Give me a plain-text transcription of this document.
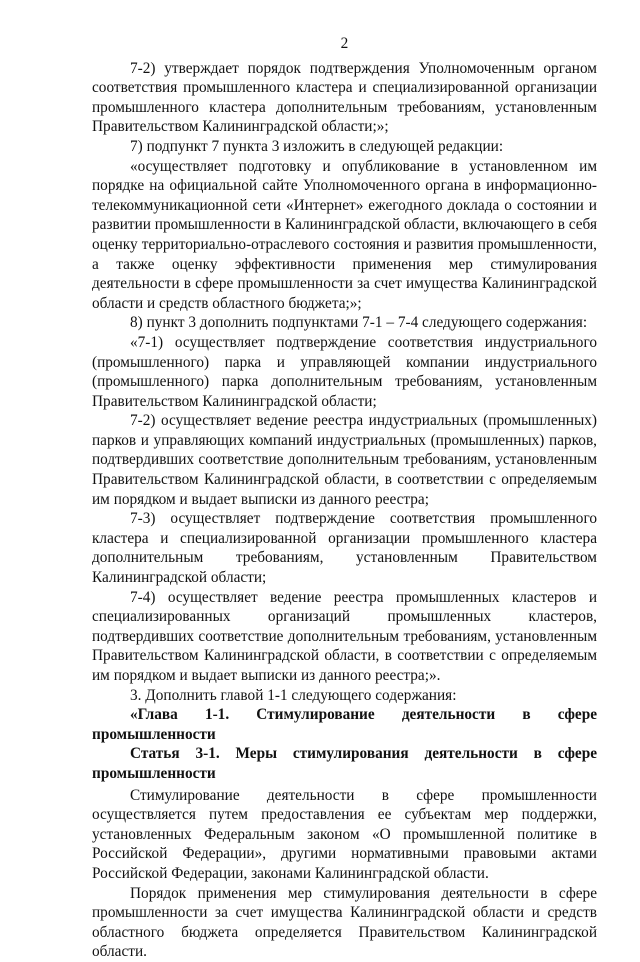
2

7-2) утверждает порядок подтверждения Уполномоченным органом соответствия промышленного кластера и специализированной организации промышленного кластера дополнительным требованиям, установленным Правительством Калининградской области;»;

7) подпункт 7 пункта 3 изложить в следующей редакции:

«осуществляет подготовку и опубликование в установленном им порядке на официальной сайте Уполномоченного органа в информационно-телекоммуникационной сети «Интернет» ежегодного доклада о состоянии и развитии промышленности в Калининградской области, включающего в себя оценку территориально-отраслевого состояния и развития промышленности, а также оценку эффективности применения мер стимулирования деятельности в сфере промышленности за счет имущества Калининградской области и средств областного бюджета;»;

8) пункт 3 дополнить подпунктами 7-1 – 7-4 следующего содержания:

«7-1) осуществляет подтверждение соответствия индустриального (промышленного) парка и управляющей компании индустриального (промышленного) парка дополнительным требованиям, установленным Правительством Калининградской области;

7-2) осуществляет ведение реестра индустриальных (промышленных) парков и управляющих компаний индустриальных (промышленных) парков, подтвердивших соответствие дополнительным требованиям, установленным Правительством Калининградской области, в соответствии с определяемым им порядком и выдает выписки из данного реестра;

7-3) осуществляет подтверждение соответствия промышленного кластера и специализированной организации промышленного кластера дополнительным требованиям, установленным Правительством Калининградской области;

7-4) осуществляет ведение реестра промышленных кластеров и специализированных организаций промышленных кластеров, подтвердивших соответствие дополнительным требованиям, установленным Правительством Калининградской области, в соответствии с определяемым им порядком и выдает выписки из данного реестра;».

3. Дополнить главой 1-1 следующего содержания:

«Глава 1-1. Стимулирование деятельности в сфере промышленности

Статья 3-1. Меры стимулирования деятельности в сфере промышленности

Стимулирование деятельности в сфере промышленности осуществляется путем предоставления ее субъектам мер поддержки, установленных Федеральным законом «О промышленной политике в Российской Федерации», другими нормативными правовыми актами Российской Федерации, законами Калининградской области.

Порядок применения мер стимулирования деятельности в сфере промышленности за счет имущества Калининградской области и средств областного бюджета определяется Правительством Калининградской области.
